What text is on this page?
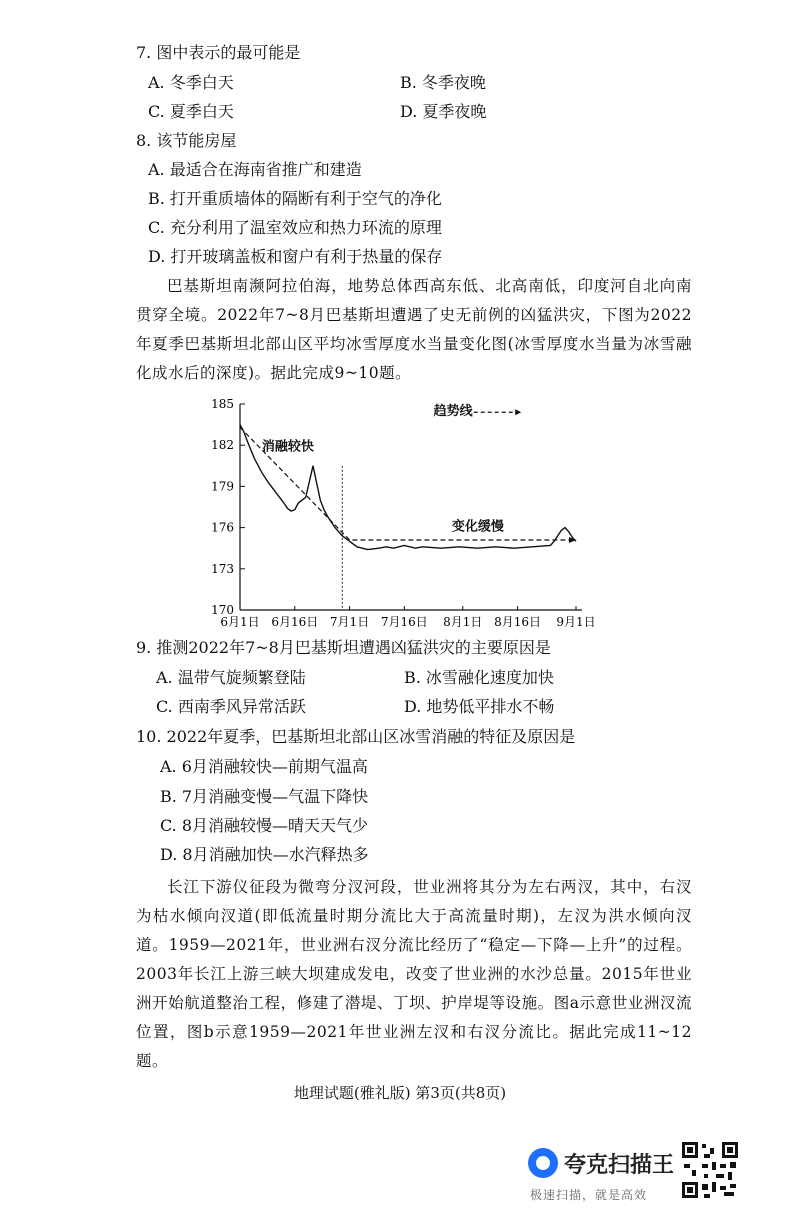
7. 图中表示的最可能是
A. 冬季白天	B. 冬季夜晚
C. 夏季白天	D. 夏季夜晚
8. 该节能房屋
A. 最适合在海南省推广和建造
B. 打开重质墙体的隔断有利于空气的净化
C. 充分利用了温室效应和热力环流的原理
D. 打开玻璃盖板和窗户有利于热量的保存
巴基斯坦南濒阿拉伯海，地势总体西高东低、北高南低，印度河自北向南贯穿全境。2022年7~8月巴基斯坦遭遇了史无前例的凶猛洪灾，下图为2022年夏季巴基斯坦北部山区平均冰雪厚度水当量变化图(冰雪厚度水当量为冰雪融化成水后的深度)。据此完成9~10题。
170
173
176
179
182
185
6月1日 6月16日 7月1日 7月16日 8月1日 8月16日 9月1日
消融较快
变化缓慢
趋势线
9. 推测2022年7~8月巴基斯坦遭遇凶猛洪灾的主要原因是
A. 温带气旋频繁登陆	B. 冰雪融化速度加快
C. 西南季风异常活跃	D. 地势低平排水不畅
10. 2022年夏季，巴基斯坦北部山区冰雪消融的特征及原因是
A. 6月消融较快—前期气温高
B. 7月消融变慢—气温下降快
C. 8月消融较慢—晴天天气少
D. 8月消融加快—水汽释热多
长江下游仪征段为微弯分汊河段，世业洲将其分为左右两汊，其中，右汊为枯水倾向汊道(即低流量时期分流比大于高流量时期)，左汊为洪水倾向汊道。1959—2021年，世业洲右汊分流比经历了“稳定—下降—上升”的过程。2003年长江上游三峡大坝建成发电，改变了世业洲的水沙总量。2015年世业洲开始航道整治工程，修建了潜堤、丁坝、护岸堤等设施。图a示意世业洲汊流位置，图b示意1959—2021年世业洲左汊和右汊分流比。据此完成11~12题。
地理试题(雅礼版) 第3页(共8页)
夸克扫描王
极速扫描，就是高效
